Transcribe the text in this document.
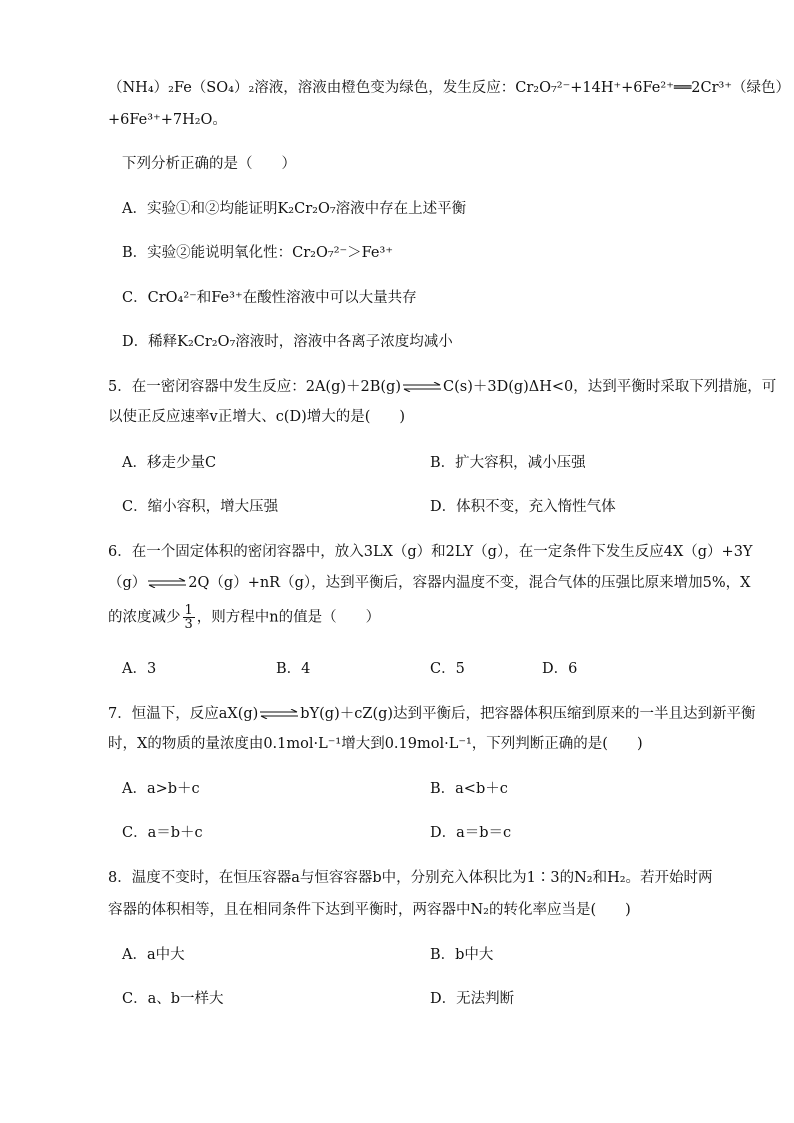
（NH₄）₂Fe（SO₄）₂溶液，溶液由橙色变为绿色，发生反应：Cr₂O₇²⁻+14H⁺+6Fe²⁺══2Cr³⁺（绿色）
+6Fe³⁺+7H₂O。
下列分析正确的是（　　）
A．实验①和②均能证明K₂Cr₂O₇溶液中存在上述平衡
B．实验②能说明氧化性：Cr₂O₇²⁻＞Fe³⁺
C．CrO₄²⁻和Fe³⁺在酸性溶液中可以大量共存
D．稀释K₂Cr₂O₇溶液时，溶液中各离子浓度均减小
5．在一密闭容器中发生反应：2A(g)＋2B(g)⇌C(s)＋3D(g)ΔH<0，达到平衡时采取下列措施，可
以使正反应速率v正增大、c(D)增大的是(　　)
A．移走少量C	B．扩大容积，减小压强
C．缩小容积，增大压强	D．体积不变，充入惰性气体
6．在一个固定体积的密闭容器中，放入3LX（g）和2LY（g），在一定条件下发生反应4X（g）+3Y
（g）⇌2Q（g）+nR（g），达到平衡后，容器内温度不变，混合气体的压强比原来增加5%，X
的浓度减少 $\frac{1}{3}$ ，则方程中n的值是（　　）
A．3	B．4	C．5	D．6
7．恒温下，反应aX(g)⇌bY(g)＋cZ(g)达到平衡后，把容器体积压缩到原来的一半且达到新平衡
时，X的物质的量浓度由0.1mol·L⁻¹增大到0.19mol·L⁻¹，下列判断正确的是(　　)
A．a>b＋c	B．a<b＋c
C．a＝b＋c	D．a＝b＝c
8．温度不变时，在恒压容器a与恒容容器b中，分别充入体积比为1∶3的N₂和H₂。若开始时两
容器的体积相等，且在相同条件下达到平衡时，两容器中N₂的转化率应当是(　　)
A．a中大	B．b中大
C．a、b一样大	D．无法判断
